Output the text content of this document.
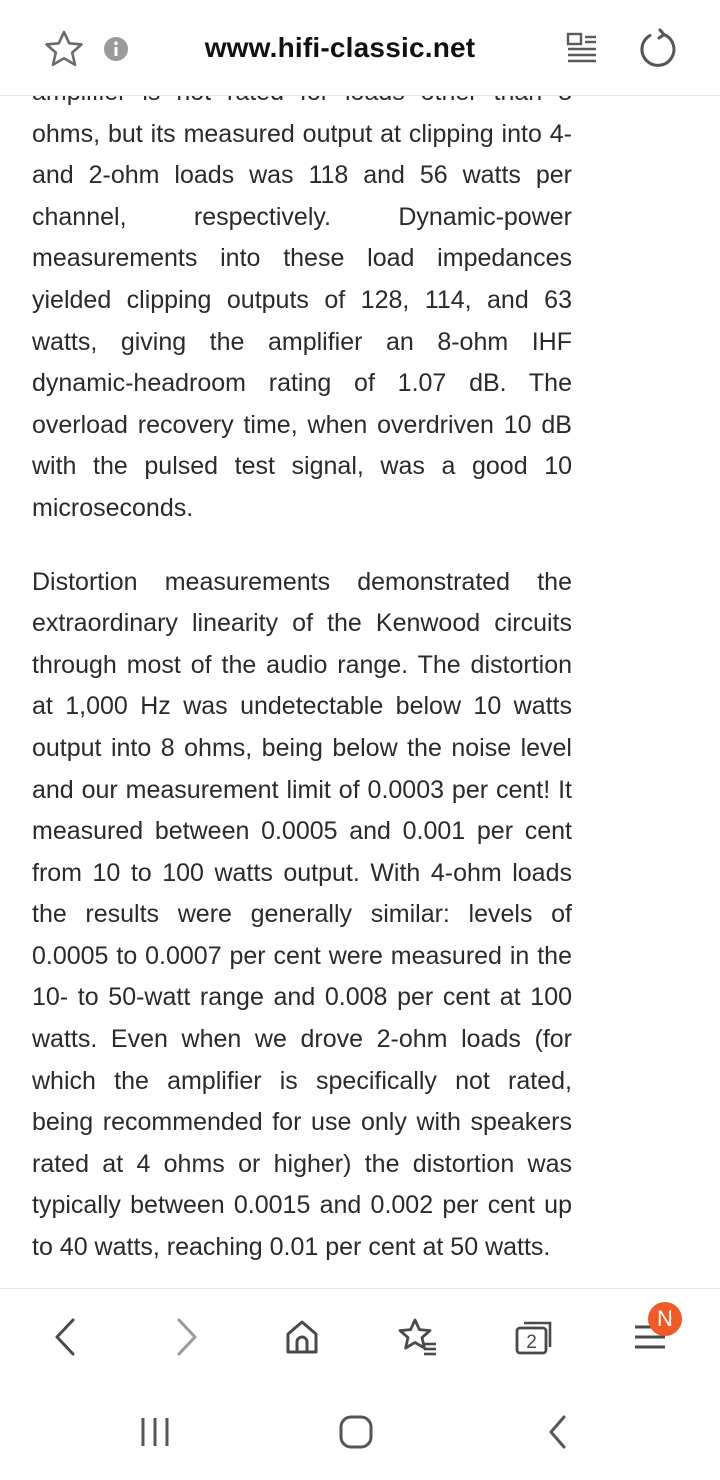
www.hifi-classic.net

ohms, but its measured output at clipping into 4- and 2-ohm loads was 118 and 56 watts per channel, respectively. Dynamic-power measurements into these load impedances yielded clipping outputs of 128, 114, and 63 watts, giving the amplifier an 8-ohm IHF dynamic-headroom rating of 1.07 dB. The overload recovery time, when overdriven 10 dB with the pulsed test signal, was a good 10 microseconds.

Distortion measurements demonstrated the extraordinary linearity of the Kenwood circuits through most of the audio range. The distortion at 1,000 Hz was undetectable below 10 watts output into 8 ohms, being below the noise level and our measurement limit of 0.0003 per cent! It measured between 0.0005 and 0.001 per cent from 10 to 100 watts output. With 4-ohm loads the results were generally similar: levels of 0.0005 to 0.0007 per cent were measured in the 10- to 50-watt range and 0.008 per cent at 100 watts. Even when we drove 2-ohm loads (for which the amplifier is specifically not rated, being recommended for use only with speakers rated at 4 ohms or higher) the distortion was typically between 0.0015 and 0.002 per cent up to 40 watts, reaching 0.01 per cent at 50 watts.

2
N
